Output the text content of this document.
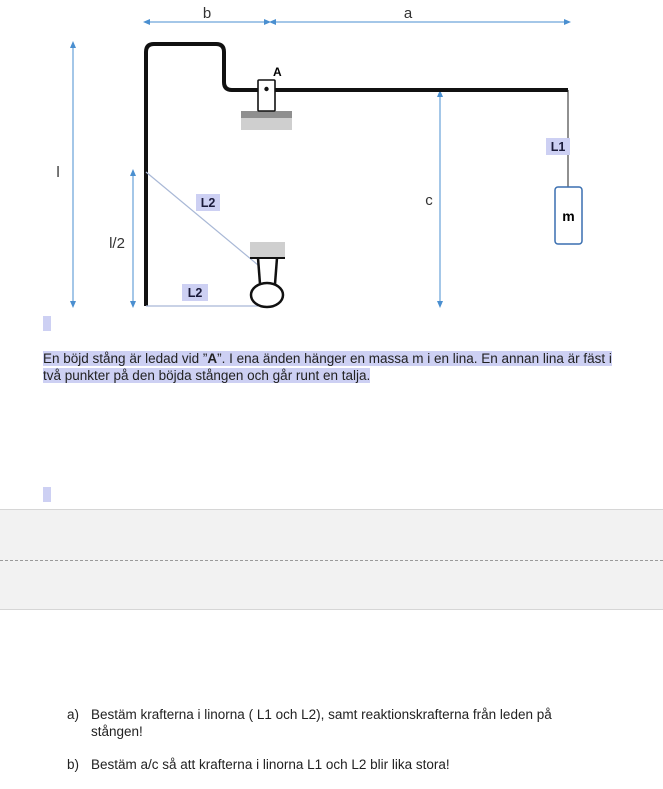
A
m
b	a
l
l/2
c
L1
L2
L2

En böjd stång är ledad vid ”A”. I ena änden hänger en massa m i en lina. En annan lina är fäst i två punkter på den böjda stången och går runt en talja.

a) Bestäm krafterna i linorna ( L1 och L2), samt reaktionskrafterna från leden på stången!
b) Bestäm a/c så att krafterna i linorna L1 och L2 blir lika stora!
